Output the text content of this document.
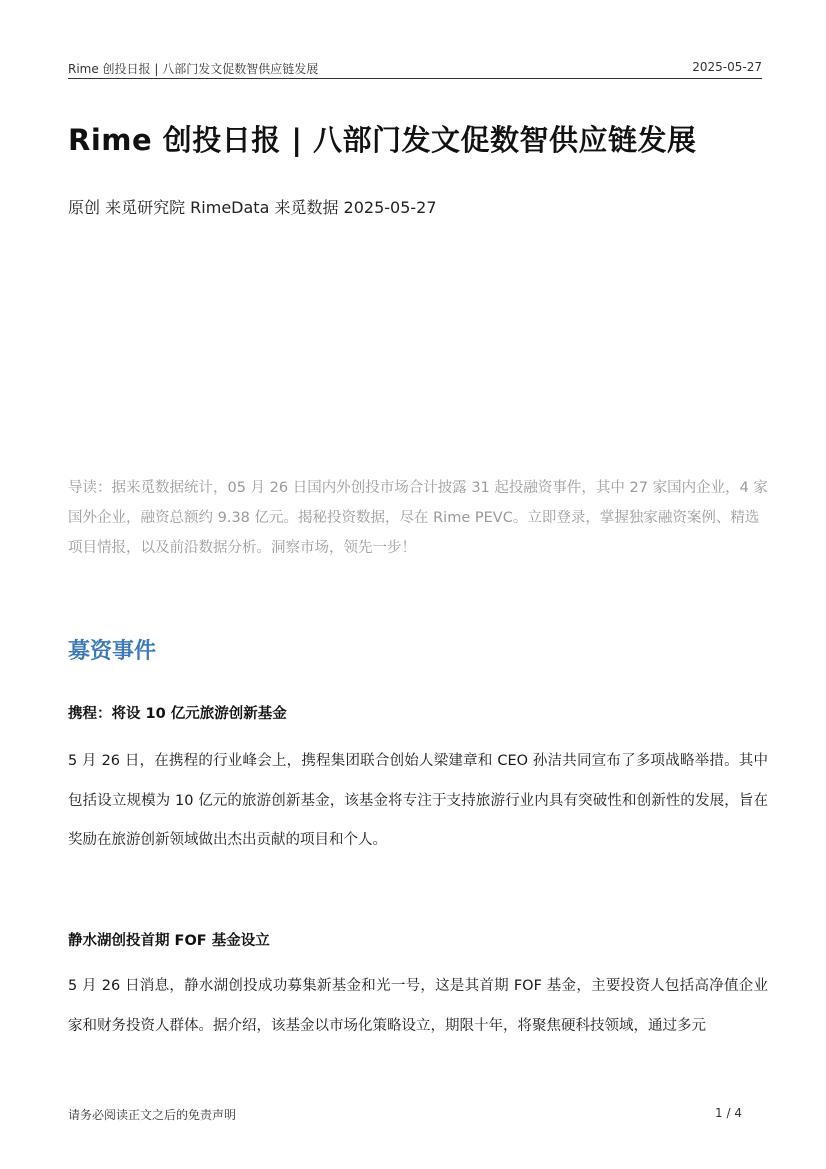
Rime 创投日报 | 八部门发文促数智供应链发展	2025-05-27
Rime 创投日报 | 八部门发文促数智供应链发展
原创 来觅研究院 RimeData 来觅数据 2025-05-27

导读：据来觅数据统计，05 月 26 日国内外创投市场合计披露 31 起投融资事件，其中 27 家国内企业，4 家国外企业，融资总额约 9.38 亿元。揭秘投资数据，尽在 Rime PEVC。立即登录，掌握独家融资案例、精选项目情报，以及前沿数据分析。洞察市场，领先一步！

募资事件
携程：将设 10 亿元旅游创新基金

5 月 26 日，在携程的行业峰会上，携程集团联合创始人梁建章和 CEO 孙洁共同宣布了多项战略举措。其中包括设立规模为 10 亿元的旅游创新基金，该基金将专注于支持旅游行业内具有突破性和创新性的发展，旨在奖励在旅游创新领域做出杰出贡献的项目和个人。

静水湖创投首期 FOF 基金设立

5 月 26 日消息，静水湖创投成功募集新基金和光一号，这是其首期 FOF 基金，主要投资人包括高净值企业家和财务投资人群体。据介绍，该基金以市场化策略设立，期限十年，将聚焦硬科技领域，通过多元

请务必阅读正文之后的免责声明	1 / 4
